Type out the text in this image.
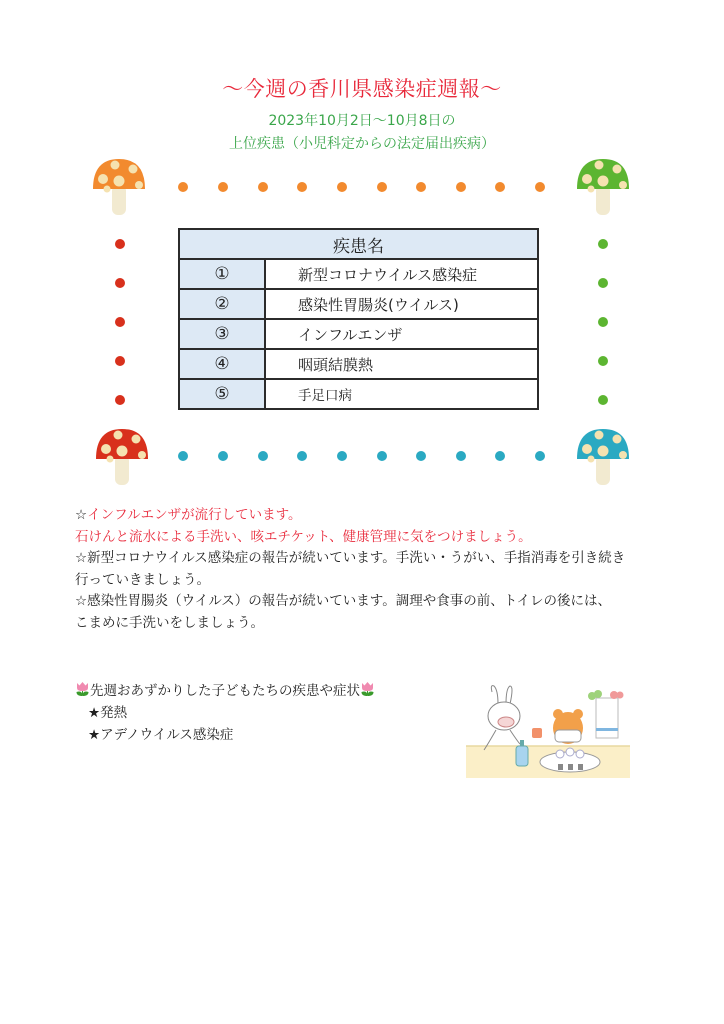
～今週の香川県感染症週報～
2023年10月2日～10月8日の
上位疾患（小児科定からの法定届出疾病）
疾患名	
①	新型コロナウイルス感染症
②	感染性胃腸炎(ウイルス)
③	インフルエンザ
④	咽頭結膜熱
⑤	手足口病
☆インフルエンザが流行しています。
石けんと流水による手洗い、咳エチケット、健康管理に気をつけましょう。
☆新型コロナウイルス感染症の報告が続いています。手洗い・うがい、手指消毒を引き続き
行っていきましょう。
☆感染性胃腸炎（ウイルス）の報告が続いています。調理や食事の前、トイレの後には、
こまめに手洗いをしましょう。
先週おあずかりした子どもたちの疾患や症状
★発熱
★アデノウイルス感染症
